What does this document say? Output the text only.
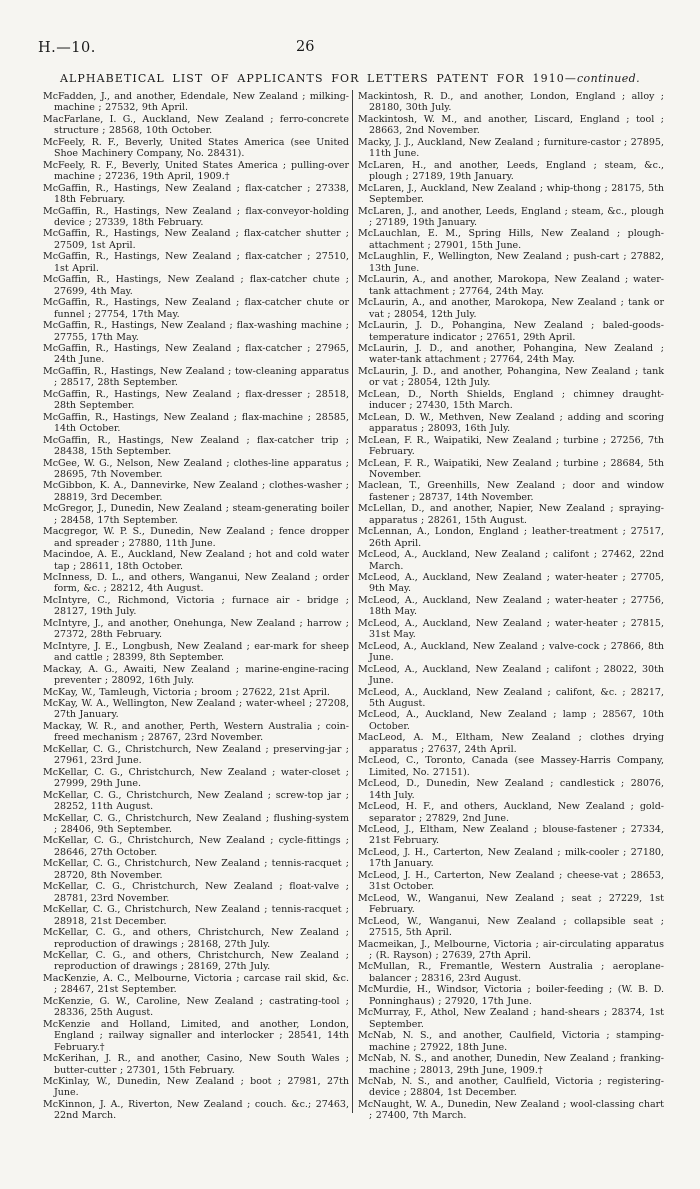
H.—10.	26
ALPHABETICAL LIST OF APPLICANTS FOR LETTERS PATENT FOR 1910—continued.

McFadden, J., and another, Edendale, New Zealand ; milking-machine ; 27532, 9th April.

MacFarlane, I. G., Auckland, New Zealand ; ferro-concrete structure ; 28568, 10th October.

McFeely, R. F., Beverly, United States America (see United Shoe Machinery Company, No. 28431).

McFeely, R. F., Beverly, United States America ; pulling-over machine ; 27236, 19th April, 1909.†

McGaffin, R., Hastings, New Zealand ; flax-catcher ; 27338, 18th February.

McGaffin, R., Hastings, New Zealand ; flax-conveyor-holding device ; 27339, 18th February.

McGaffin, R., Hastings, New Zealand ; flax-catcher shutter ; 27509, 1st April.

McGaffin, R., Hastings, New Zealand ; flax-catcher ; 27510, 1st April.

McGaffin, R., Hastings, New Zealand ; flax-catcher chute ; 27699, 4th May.

McGaffin, R., Hastings, New Zealand ; flax-catcher chute or funnel ; 27754, 17th May.

McGaffin, R., Hastings, New Zealand ; flax-washing machine ; 27755, 17th May.

McGaffin, R., Hastings, New Zealand ; flax-catcher ; 27965, 24th June.

McGaffin, R., Hastings, New Zealand ; tow-cleaning apparatus ; 28517, 28th September.

McGaffin, R., Hastings, New Zealand ; flax-dresser ; 28518, 28th September.

McGaffin, R., Hastings, New Zealand ; flax-machine ; 28585, 14th October.

McGaffin, R., Hastings, New Zealand ; flax-catcher trip ; 28438, 15th September.

McGee, W. G., Nelson, New Zealand ; clothes-line apparatus ; 28695, 7th November.

McGibbon, K. A., Dannevirke, New Zealand ; clothes-washer ; 28819, 3rd December.

McGregor, J., Dunedin, New Zealand ; steam-generating boiler ; 28458, 17th September.

Macgregor, W. P. S., Dunedin, New Zealand ; fence dropper and spreader ; 27880, 11th June.

Macindoe, A. E., Auckland, New Zealand ; hot and cold water tap ; 28611, 18th October.

McInness, D. L., and others, Wanganui, New Zealand ; order form, &c. ; 28212, 4th August.

McIntyre, C., Richmond, Victoria ; furnace air - bridge ; 28127, 19th July.

McIntyre, J., and another, Onehunga, New Zealand ; harrow ; 27372, 28th February.

McIntyre, J. E., Longbush, New Zealand ; ear-mark for sheep and cattle ; 28399, 8th September.

Mackay, A. G., Awaiti, New Zealand ; marine-engine-racing preventer ; 28092, 16th July.

McKay, W., Tamleugh, Victoria ; broom ; 27622, 21st April.

McKay, W. A., Wellington, New Zealand ; water-wheel ; 27208, 27th January.

Mackay, W. R., and another, Perth, Western Australia ; coin-freed mechanism ; 28767, 23rd November.

McKellar, C. G., Christchurch, New Zealand ; preserving-jar ; 27961, 23rd June.

McKellar, C. G., Christchurch, New Zealand ; water-closet ; 27999, 29th June.

McKellar, C. G., Christchurch, New Zealand ; screw-top jar ; 28252, 11th August.

McKellar, C. G., Christchurch, New Zealand ; flushing-system ; 28406, 9th September.

McKellar, C. G., Christchurch, New Zealand ; cycle-fittings ; 28646, 27th October.

McKellar, C. G., Christchurch, New Zealand ; tennis-racquet ; 28720, 8th November.

McKellar, C. G., Christchurch, New Zealand ; float-valve ; 28781, 23rd November.

McKellar, C. G., Christchurch, New Zealand ; tennis-racquet ; 28918, 21st December.

McKellar, C. G., and others, Christchurch, New Zealand ; reproduction of drawings ; 28168, 27th July.

McKellar, C. G., and others, Christchurch, New Zealand ; reproduction of drawings ; 28169, 27th July.

MacKenzie, A. C., Melbourne, Victoria ; carcase rail skid, &c. ; 28467, 21st September.

McKenzie, G. W., Caroline, New Zealand ; castrating-tool ; 28336, 25th August.

McKenzie and Holland, Limited, and another, London, England ; railway signaller and interlocker ; 28541, 14th February.†

McKerihan, J. R., and another, Casino, New South Wales ; butter-cutter ; 27301, 15th February.

McKinlay, W., Dunedin, New Zealand ; boot ; 27981, 27th June.

McKinnon, J. A., Riverton, New Zealand ; couch. &c.; 27463, 22nd March.

Mackintosh, R. D., and another, London, England ; alloy ; 28180, 30th July.

Mackintosh, W. M., and another, Liscard, England ; tool ; 28663, 2nd November.

Macky, J. J., Auckland, New Zealand ; furniture-castor ; 27895, 11th June.

McLaren, H., and another, Leeds, England ; steam, &c., plough ; 27189, 19th January.

McLaren, J., Auckland, New Zealand ; whip-thong ; 28175, 5th September.

McLaren, J., and another, Leeds, England ; steam, &c., plough ; 27189, 19th January.

McLauchlan, E. M., Spring Hills, New Zealand ; plough-attachment ; 27901, 15th June.

McLaughlin, F., Wellington, New Zealand ; push-cart ; 27882, 13th June.

McLaurin, A., and another, Marokopa, New Zealand ; water-tank attachment ; 27764, 24th May.

McLaurin, A., and another, Marokopa, New Zealand ; tank or vat ; 28054, 12th July.

McLaurin, J. D., Pohangina, New Zealand ; baled-goods-temperature indicator ; 27651, 29th April.

McLaurin, J. D., and another, Pohangina, New Zealand ; water-tank attachment ; 27764, 24th May.

McLaurin, J. D., and another, Pohangina, New Zealand ; tank or vat ; 28054, 12th July.

McLean, D., North Shields, England ; chimney draught-inducer ; 27430, 15th March.

McLean, D. W., Methven, New Zealand ; adding and scoring apparatus ; 28093, 16th July.

McLean, F. R., Waipatiki, New Zealand ; turbine ; 27256, 7th February.

McLean, F. R., Waipatiki, New Zealand ; turbine ; 28684, 5th November.

Maclean, T., Greenhills, New Zealand ; door and window fastener ; 28737, 14th November.

McLellan, D., and another, Napier, New Zealand ; spraying-apparatus ; 28261, 15th August.

McLennan, A., London, England ; leather-treatment ; 27517, 26th April.

McLeod, A., Auckland, New Zealand ; califont ; 27462, 22nd March.

McLeod, A., Auckland, New Zealand ; water-heater ; 27705, 9th May.

McLeod, A., Auckland, New Zealand ; water-heater ; 27756, 18th May.

McLeod, A., Auckland, New Zealand ; water-heater ; 27815, 31st May.

McLeod, A., Auckland, New Zealand ; valve-cock ; 27866, 8th June.

McLeod, A., Auckland, New Zealand ; califont ; 28022, 30th June.

McLeod, A., Auckland, New Zealand ; califont, &c. ; 28217, 5th August.

McLeod, A., Auckland, New Zealand ; lamp ; 28567, 10th October.

MacLeod, A. M., Eltham, New Zealand ; clothes drying apparatus ; 27637, 24th April.

McLeod, C., Toronto, Canada (see Massey-Harris Company, Limited, No. 27151).

McLeod, D., Dunedin, New Zealand ; candlestick ; 28076, 14th July.

McLeod, H. F., and others, Auckland, New Zealand ; gold-separator ; 27829, 2nd June.

McLeod, J., Eltham, New Zealand ; blouse-fastener ; 27334, 21st February.

McLeod, J. H., Carterton, New Zealand ; milk-cooler ; 27180, 17th January.

McLeod, J. H., Carterton, New Zealand ; cheese-vat ; 28653, 31st October.

McLeod, W., Wanganui, New Zealand ; seat ; 27229, 1st February.

McLeod, W., Wanganui, New Zealand ; collapsible seat ; 27515, 5th April.

Macmeikan, J., Melbourne, Victoria ; air-circulating apparatus ; (R. Rayson) ; 27639, 27th April.

McMullan, R., Fremantle, Western Australia ; aeroplane-balancer ; 28316, 23rd August.

McMurdie, H., Windsor, Victoria ; boiler-feeding ; (W. B. D. Ponninghaus) ; 27920, 17th June.

McMurray, F., Athol, New Zealand ; hand-shears ; 28374, 1st September.

McNab, N. S., and another, Caulfield, Victoria ; stamping-machine ; 27922, 18th June.

McNab, N. S., and another, Dunedin, New Zealand ; franking-machine ; 28013, 29th June, 1909.†

McNab, N. S., and another, Caulfield, Victoria ; registering-device ; 28804, 1st December.

McNaught, W. A., Dunedin, New Zealand ; wool-classing chart ; 27400, 7th March.
